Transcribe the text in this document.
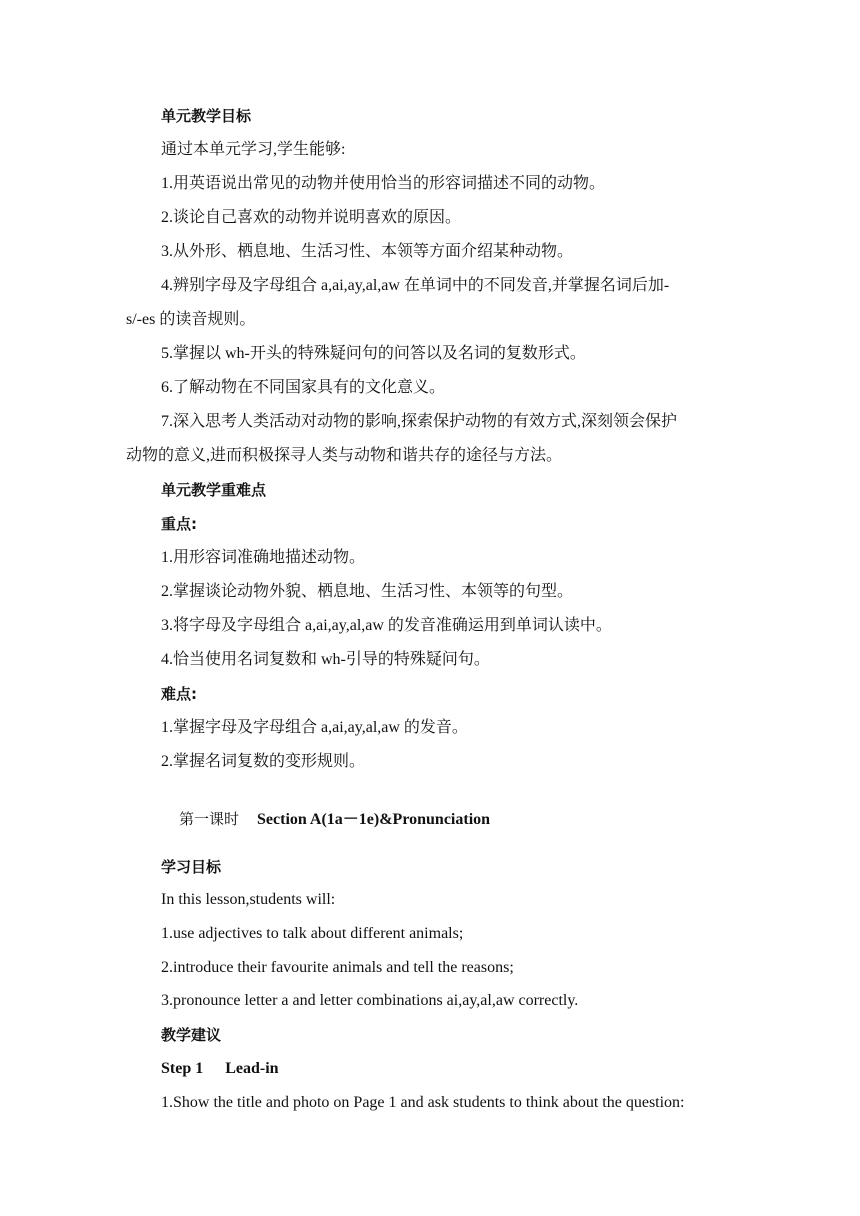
单元教学目标
通过本单元学习,学生能够:
1.用英语说出常见的动物并使用恰当的形容词描述不同的动物。
2.谈论自己喜欢的动物并说明喜欢的原因。
3.从外形、栖息地、生活习性、本领等方面介绍某种动物。
4.辨别字母及字母组合 a,ai,ay,al,aw 在单词中的不同发音,并掌握名词后加-
s/-es 的读音规则。
5.掌握以 wh-开头的特殊疑问句的问答以及名词的复数形式。
6.了解动物在不同国家具有的文化意义。
7.深入思考人类活动对动物的影响,探索保护动物的有效方式,深刻领会保护
动物的意义,进而积极探寻人类与动物和谐共存的途径与方法。
单元教学重难点
重点:
1.用形容词准确地描述动物。
2.掌握谈论动物外貌、栖息地、生活习性、本领等的句型。
3.将字母及字母组合 a,ai,ay,al,aw 的发音准确运用到单词认读中。
4.恰当使用名词复数和 wh-引导的特殊疑问句。
难点:
1.掌握字母及字母组合 a,ai,ay,al,aw 的发音。
2.掌握名词复数的变形规则。
第一课时 Section A(1a－1e)&Pronunciation
学习目标
In this lesson,students will:
1.use adjectives to talk about different animals;
2.introduce their favourite animals and tell the reasons;
3.pronounce letter a and letter combinations ai,ay,al,aw correctly.
教学建议
Step 1 Lead-in
1.Show the title and photo on Page 1 and ask students to think about the question:
